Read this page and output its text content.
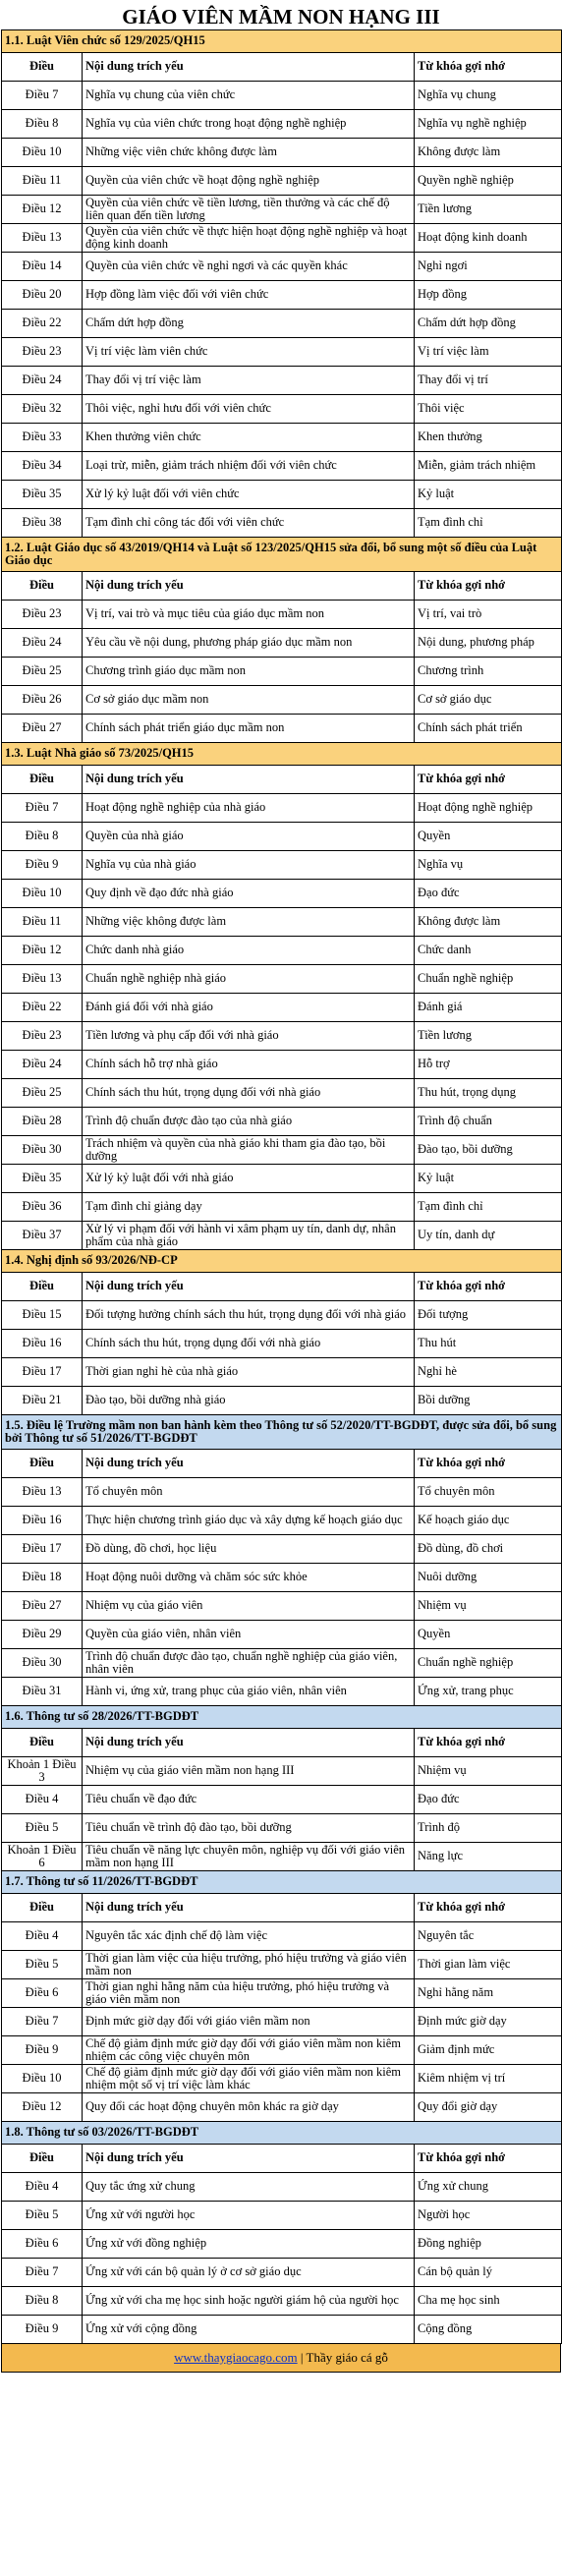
GIÁO VIÊN MẦM NON HẠNG III
1.1. Luật Viên chức số 129/2025/QH15		
Điều	Nội dung trích yếu	Từ khóa gợi nhớ
Điều 7	Nghĩa vụ chung của viên chức	Nghĩa vụ chung
Điều 8	Nghĩa vụ của viên chức trong hoạt động nghề nghiệp	Nghĩa vụ nghề nghiệp
Điều 10	Những việc viên chức không được làm	Không được làm
Điều 11	Quyền của viên chức về hoạt động nghề nghiệp	Quyền nghề nghiệp
Điều 12	Quyền của viên chức về tiền lương, tiền thưởng và các chế độ liên quan đến tiền lương	Tiền lương
Điều 13	Quyền của viên chức về thực hiện hoạt động nghề nghiệp và hoạt động kinh doanh	Hoạt động kinh doanh
Điều 14	Quyền của viên chức về nghỉ ngơi và các quyền khác	Nghỉ ngơi
Điều 20	Hợp đồng làm việc đối với viên chức	Hợp đồng
Điều 22	Chấm dứt hợp đồng	Chấm dứt hợp đồng
Điều 23	Vị trí việc làm viên chức	Vị trí việc làm
Điều 24	Thay đổi vị trí việc làm	Thay đổi vị trí
Điều 32	Thôi việc, nghỉ hưu đối với viên chức	Thôi việc
Điều 33	Khen thưởng viên chức	Khen thưởng
Điều 34	Loại trừ, miễn, giảm trách nhiệm đối với viên chức	Miễn, giảm trách nhiệm
Điều 35	Xử lý kỷ luật đối với viên chức	Kỷ luật
Điều 38	Tạm đình chỉ công tác đối với viên chức	Tạm đình chỉ
1.2. Luật Giáo dục số 43/2019/QH14 và Luật số 123/2025/QH15 sửa đổi, bổ sung một số điều của Luật Giáo dục		
Điều	Nội dung trích yếu	Từ khóa gợi nhớ
Điều 23	Vị trí, vai trò và mục tiêu của giáo dục mầm non	Vị trí, vai trò
Điều 24	Yêu cầu về nội dung, phương pháp giáo dục mầm non	Nội dung, phương pháp
Điều 25	Chương trình giáo dục mầm non	Chương trình
Điều 26	Cơ sở giáo dục mầm non	Cơ sở giáo dục
Điều 27	Chính sách phát triển giáo dục mầm non	Chính sách phát triển
1.3. Luật Nhà giáo số 73/2025/QH15		
Điều	Nội dung trích yếu	Từ khóa gợi nhớ
Điều 7	Hoạt động nghề nghiệp của nhà giáo	Hoạt động nghề nghiệp
Điều 8	Quyền của nhà giáo	Quyền
Điều 9	Nghĩa vụ của nhà giáo	Nghĩa vụ
Điều 10	Quy định về đạo đức nhà giáo	Đạo đức
Điều 11	Những việc không được làm	Không được làm
Điều 12	Chức danh nhà giáo	Chức danh
Điều 13	Chuẩn nghề nghiệp nhà giáo	Chuẩn nghề nghiệp
Điều 22	Đánh giá đối với nhà giáo	Đánh giá
Điều 23	Tiền lương và phụ cấp đối với nhà giáo	Tiền lương
Điều 24	Chính sách hỗ trợ nhà giáo	Hỗ trợ
Điều 25	Chính sách thu hút, trọng dụng đối với nhà giáo	Thu hút, trọng dụng
Điều 28	Trình độ chuẩn được đào tạo của nhà giáo	Trình độ chuẩn
Điều 30	Trách nhiệm và quyền của nhà giáo khi tham gia đào tạo, bồi dưỡng	Đào tạo, bồi dưỡng
Điều 35	Xử lý kỷ luật đối với nhà giáo	Kỷ luật
Điều 36	Tạm đình chỉ giảng dạy	Tạm đình chỉ
Điều 37	Xử lý vi phạm đối với hành vi xâm phạm uy tín, danh dự, nhân phẩm của nhà giáo	Uy tín, danh dự
1.4. Nghị định số 93/2026/NĐ-CP		
Điều	Nội dung trích yếu	Từ khóa gợi nhớ
Điều 15	Đối tượng hưởng chính sách thu hút, trọng dụng đối với nhà giáo	Đối tượng
Điều 16	Chính sách thu hút, trọng dụng đối với nhà giáo	Thu hút
Điều 17	Thời gian nghỉ hè của nhà giáo	Nghỉ hè
Điều 21	Đào tạo, bồi dưỡng nhà giáo	Bồi dưỡng
1.5. Điều lệ Trường mầm non ban hành kèm theo Thông tư số 52/2020/TT-BGDĐT, được sửa đổi, bổ sung bởi Thông tư số 51/2026/TT-BGDĐT		
Điều	Nội dung trích yếu	Từ khóa gợi nhớ
Điều 13	Tổ chuyên môn	Tổ chuyên môn
Điều 16	Thực hiện chương trình giáo dục và xây dựng kế hoạch giáo dục	Kế hoạch giáo dục
Điều 17	Đồ dùng, đồ chơi, học liệu	Đồ dùng, đồ chơi
Điều 18	Hoạt động nuôi dưỡng và chăm sóc sức khỏe	Nuôi dưỡng
Điều 27	Nhiệm vụ của giáo viên	Nhiệm vụ
Điều 29	Quyền của giáo viên, nhân viên	Quyền
Điều 30	Trình độ chuẩn được đào tạo, chuẩn nghề nghiệp của giáo viên, nhân viên	Chuẩn nghề nghiệp
Điều 31	Hành vi, ứng xử, trang phục của giáo viên, nhân viên	Ứng xử, trang phục
1.6. Thông tư số 28/2026/TT-BGDĐT		
Điều	Nội dung trích yếu	Từ khóa gợi nhớ
Khoản 1 Điều 3	Nhiệm vụ của giáo viên mầm non hạng III	Nhiệm vụ
Điều 4	Tiêu chuẩn về đạo đức	Đạo đức
Điều 5	Tiêu chuẩn về trình độ đào tạo, bồi dưỡng	Trình độ
Khoản 1 Điều 6	Tiêu chuẩn về năng lực chuyên môn, nghiệp vụ đối với giáo viên mầm non hạng III	Năng lực
1.7. Thông tư số 11/2026/TT-BGDĐT		
Điều	Nội dung trích yếu	Từ khóa gợi nhớ
Điều 4	Nguyên tắc xác định chế độ làm việc	Nguyên tắc
Điều 5	Thời gian làm việc của hiệu trưởng, phó hiệu trưởng và giáo viên mầm non	Thời gian làm việc
Điều 6	Thời gian nghỉ hằng năm của hiệu trưởng, phó hiệu trưởng và giáo viên mầm non	Nghỉ hằng năm
Điều 7	Định mức giờ dạy đối với giáo viên mầm non	Định mức giờ dạy
Điều 9	Chế độ giảm định mức giờ dạy đối với giáo viên mầm non kiêm nhiệm các công việc chuyên môn	Giảm định mức
Điều 10	Chế độ giảm định mức giờ dạy đối với giáo viên mầm non kiêm nhiệm một số vị trí việc làm khác	Kiêm nhiệm vị trí
Điều 12	Quy đổi các hoạt động chuyên môn khác ra giờ dạy	Quy đổi giờ dạy
1.8. Thông tư số 03/2026/TT-BGDĐT		
Điều	Nội dung trích yếu	Từ khóa gợi nhớ
Điều 4	Quy tắc ứng xử chung	Ứng xử chung
Điều 5	Ứng xử với người học	Người học
Điều 6	Ứng xử với đồng nghiệp	Đồng nghiệp
Điều 7	Ứng xử với cán bộ quản lý ở cơ sở giáo dục	Cán bộ quản lý
Điều 8	Ứng xử với cha mẹ học sinh hoặc người giám hộ của người học	Cha mẹ học sinh
Điều 9	Ứng xử với cộng đồng	Cộng đồng
www.thaygiaocago.com | Thầy giáo cá gỗ
